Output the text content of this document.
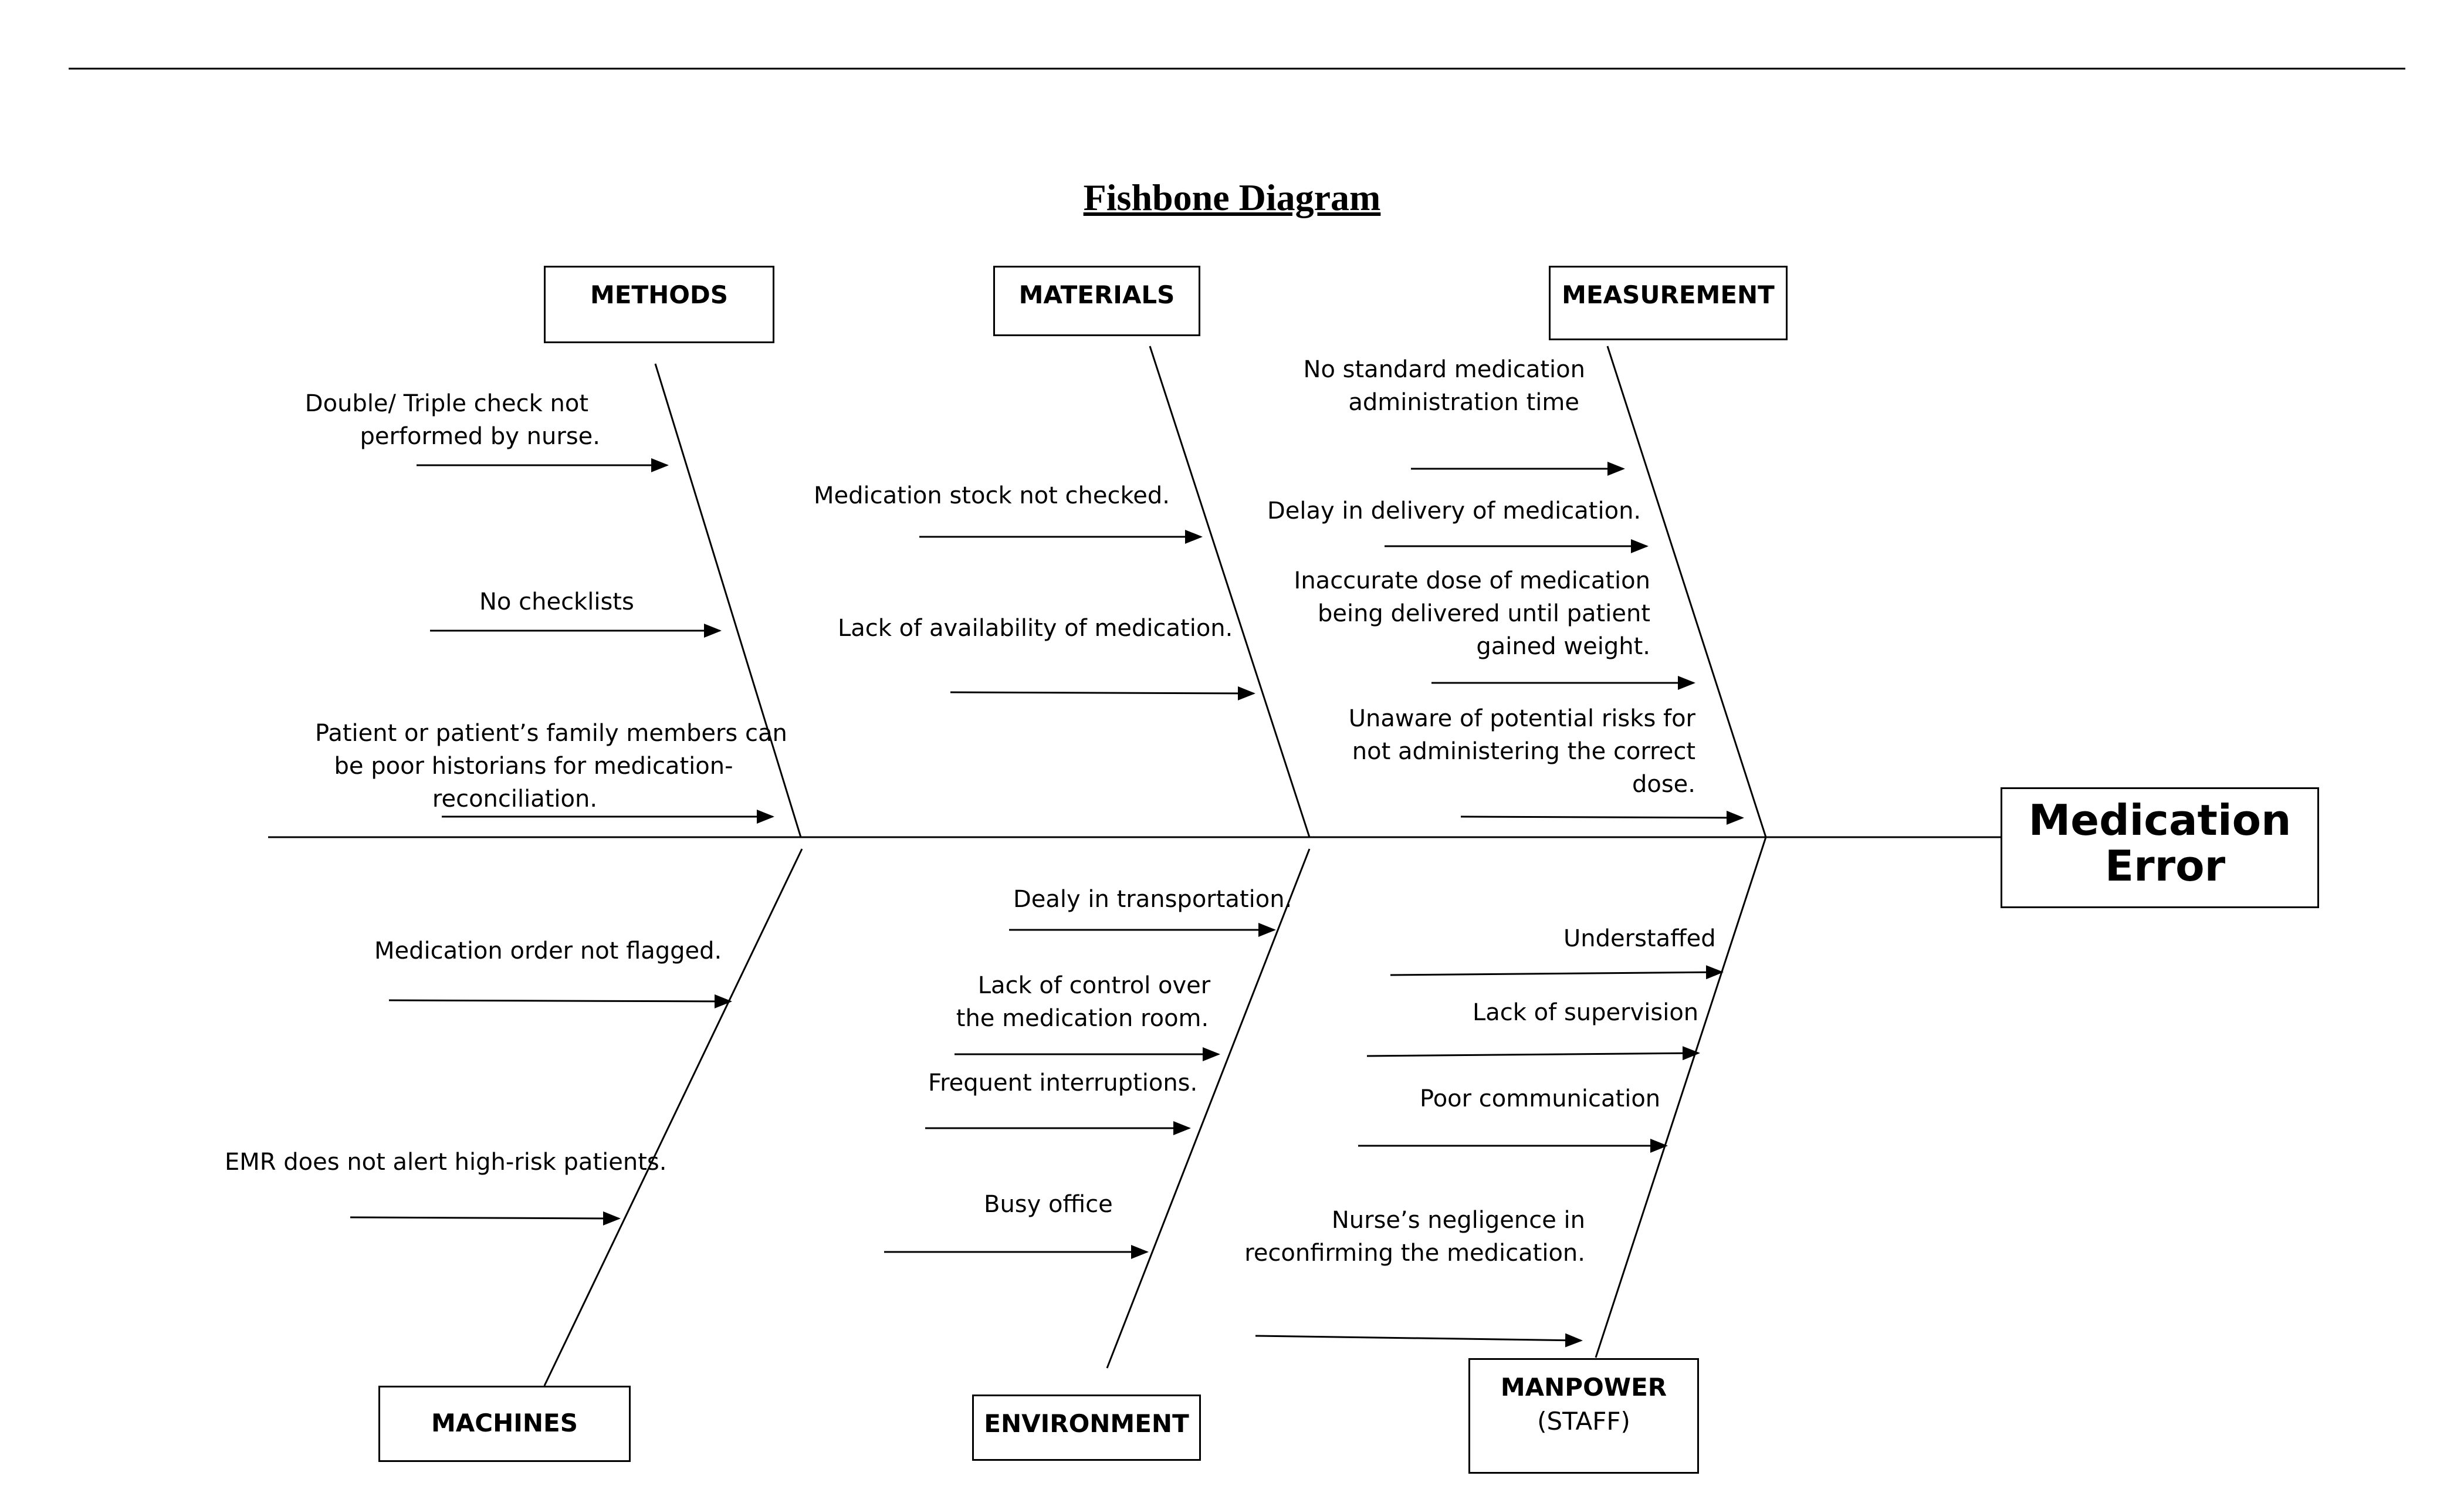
Fishbone Diagram
METHODS	MATERIALS	MEASUREMENT
MACHINES	ENVIRONMENT
MANPOWER
(STAFF)
Medication
Error
Double/ Triple check not
performed by nurse.
No checklists
Patient or patient’s family members can
be poor historians for medication-
reconciliation.
Medication stock not checked.
Lack of availability of medication.
No standard medication
administration time
Delay in delivery of medication.
Inaccurate dose of medication
being delivered until patient
gained weight.
Unaware of potential risks for
not administering the correct
dose.
Medication order not flagged.
EMR does not alert high-risk patients.
Dealy in transportation.
Lack of control over
the medication room.
Frequent interruptions.
Busy office
Understaffed
Lack of supervision
Poor communication
Nurse’s negligence in
reconfirming the medication.
